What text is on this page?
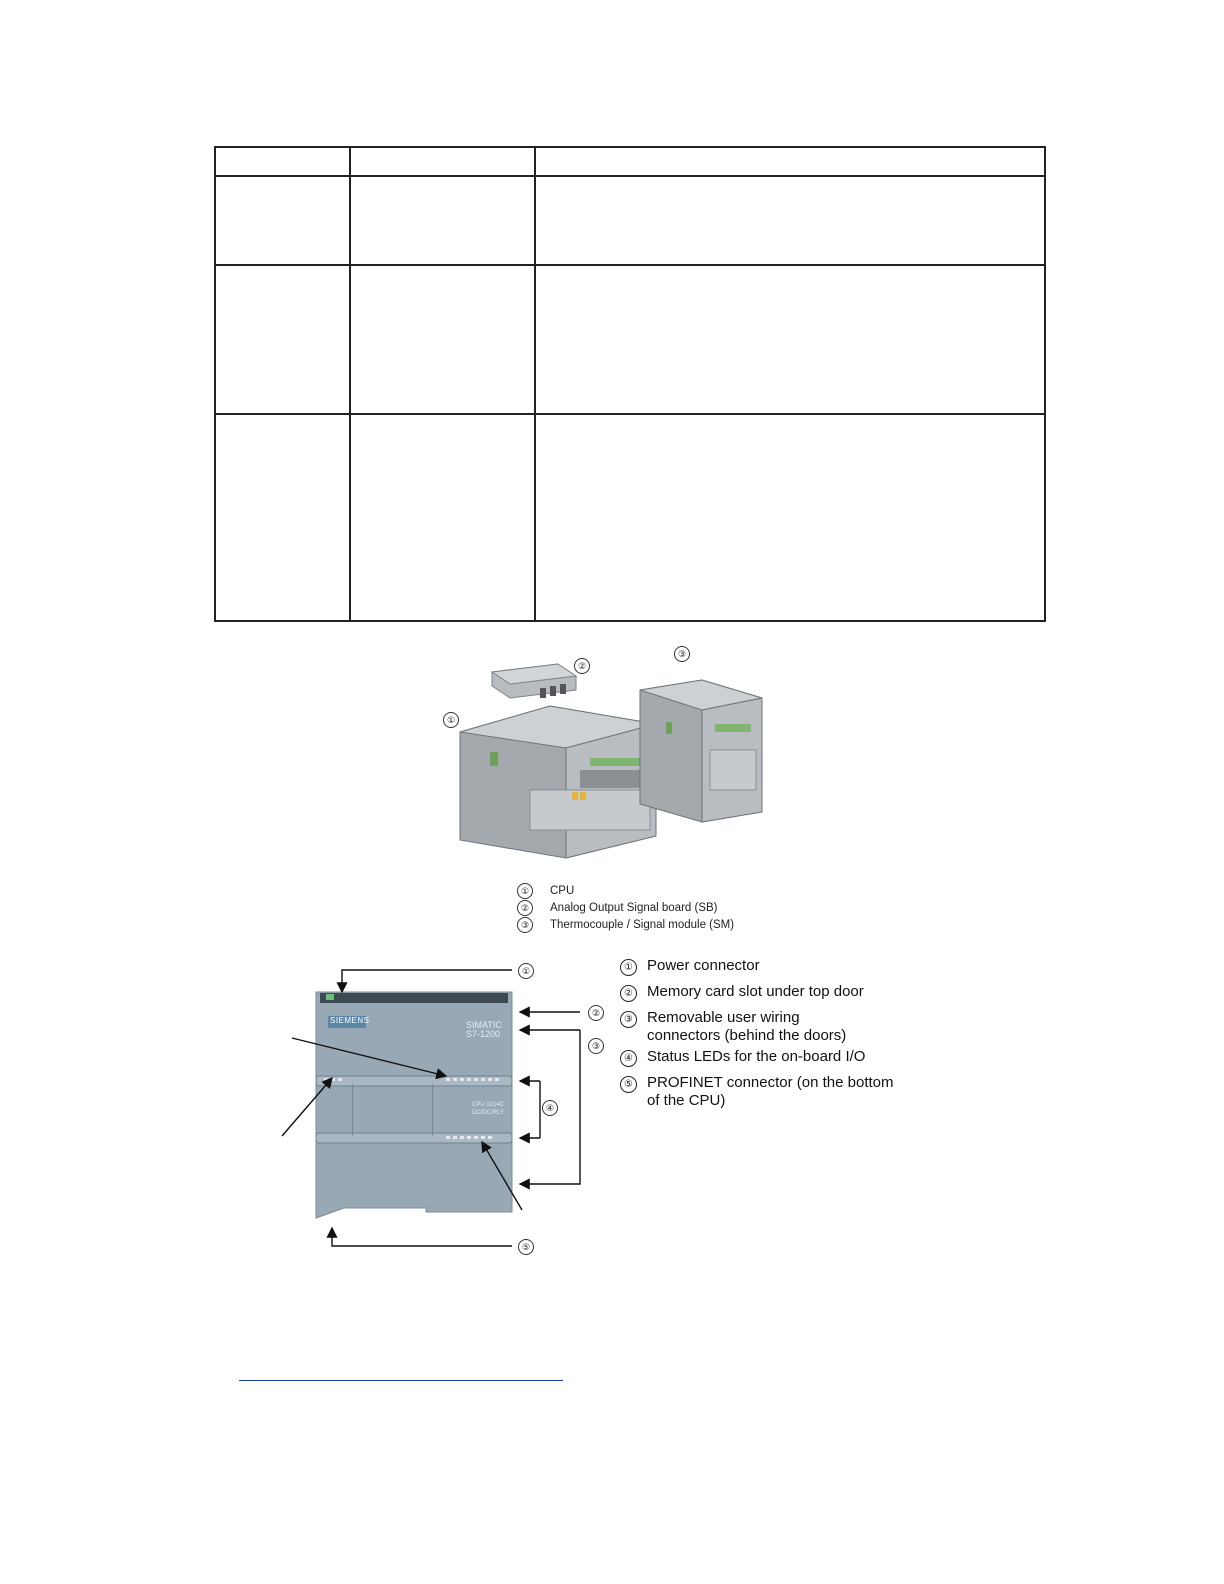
①
②
③
①	CPU
②	Analog Output Signal board (SB)
③	Thermocouple / Signal module (SM)
SIEMENS	SIMATIC
S7-1200
CPU 1214C
DC/DC/RLY
①
②
③
④
⑤
① Power connector
② Memory card slot under top door
③ Removable user wiring connectors (behind the doors)
④ Status LEDs for the on-board I/O
⑤ PROFINET connector (on the bottom of the CPU)
